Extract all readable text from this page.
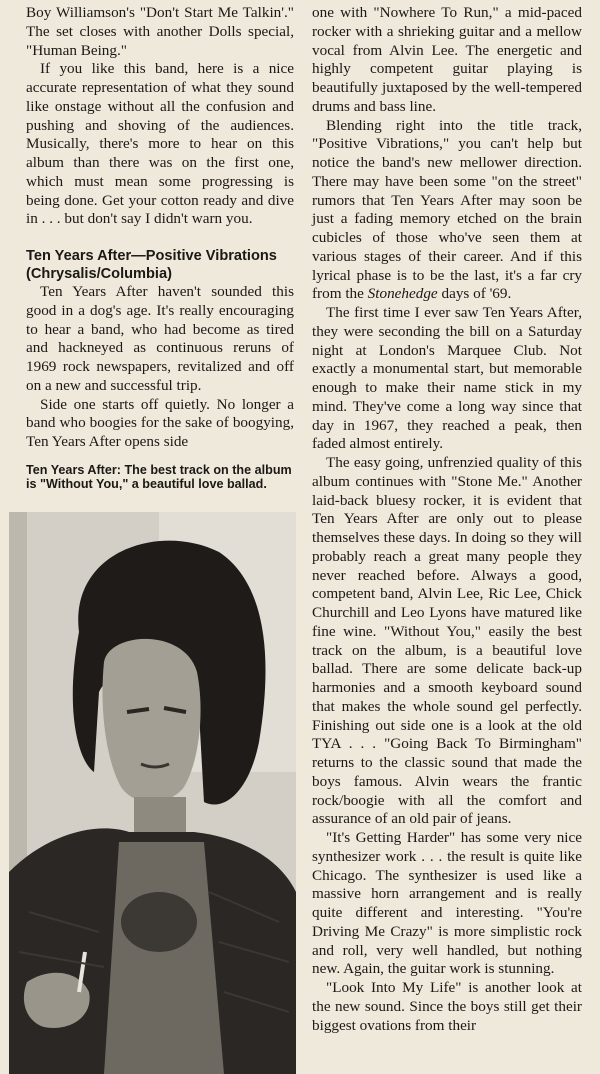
Boy Williamson's "Don't Start Me Talkin'." The set closes with another Dolls special, "Human Being."

If you like this band, here is a nice accurate representation of what they sound like onstage without all the confusion and pushing and shoving of the audiences. Musically, there's more to hear on this album than there was on the first one, which must mean some progressing is being done. Get your cotton ready and dive in . . . but don't say I didn't warn you.

Ten Years After—Positive Vibrations
(Chrysalis/Columbia)

Ten Years After haven't sounded this good in a dog's age. It's really encouraging to hear a band, who had become as tired and hackneyed as continuous reruns of 1969 rock newspapers, revitalized and off on a new and successful trip.

Side one starts off quietly. No longer a band who boogies for the sake of boogying, Ten Years After opens side

Ten Years After: The best track on the album is "Without You," a beautiful love ballad.

one with "Nowhere To Run," a mid-paced rocker with a shrieking guitar and a mellow vocal from Alvin Lee. The energetic and highly competent guitar playing is beautifully juxtaposed by the well-tempered drums and bass line.

Blending right into the title track, "Positive Vibrations," you can't help but notice the band's new mellower direction. There may have been some "on the street" rumors that Ten Years After may soon be just a fading memory etched on the brain cubicles of those who've seen them at various stages of their career. And if this lyrical phase is to be the last, it's a far cry from the Stonehedge days of '69.

The first time I ever saw Ten Years After, they were seconding the bill on a Saturday night at London's Marquee Club. Not exactly a monumental start, but memorable enough to make their name stick in my mind. They've come a long way since that day in 1967, they reached a peak, then faded almost entirely.

The easy going, unfrenzied quality of this album continues with "Stone Me." Another laid-back bluesy rocker, it is evident that Ten Years After are only out to please themselves these days. In doing so they will probably reach a great many people they never reached before. Always a good, competent band, Alvin Lee, Ric Lee, Chick Churchill and Leo Lyons have matured like fine wine. "Without You," easily the best track on the album, is a beautiful love ballad. There are some delicate back-up harmonies and a smooth keyboard sound that makes the whole sound gel perfectly. Finishing out side one is a look at the old TYA . . . "Going Back To Birmingham" returns to the classic sound that made the boys famous. Alvin wears the frantic rock/boogie with all the comfort and assurance of an old pair of jeans.

"It's Getting Harder" has some very nice synthesizer work . . . the result is quite like Chicago. The synthesizer is used like a massive horn arrangement and is really quite different and interesting. "You're Driving Me Crazy" is more simplistic rock and roll, very well handled, but nothing new. Again, the guitar work is stunning.

"Look Into My Life" is another look at the new sound. Since the boys still get their biggest ovations from their
